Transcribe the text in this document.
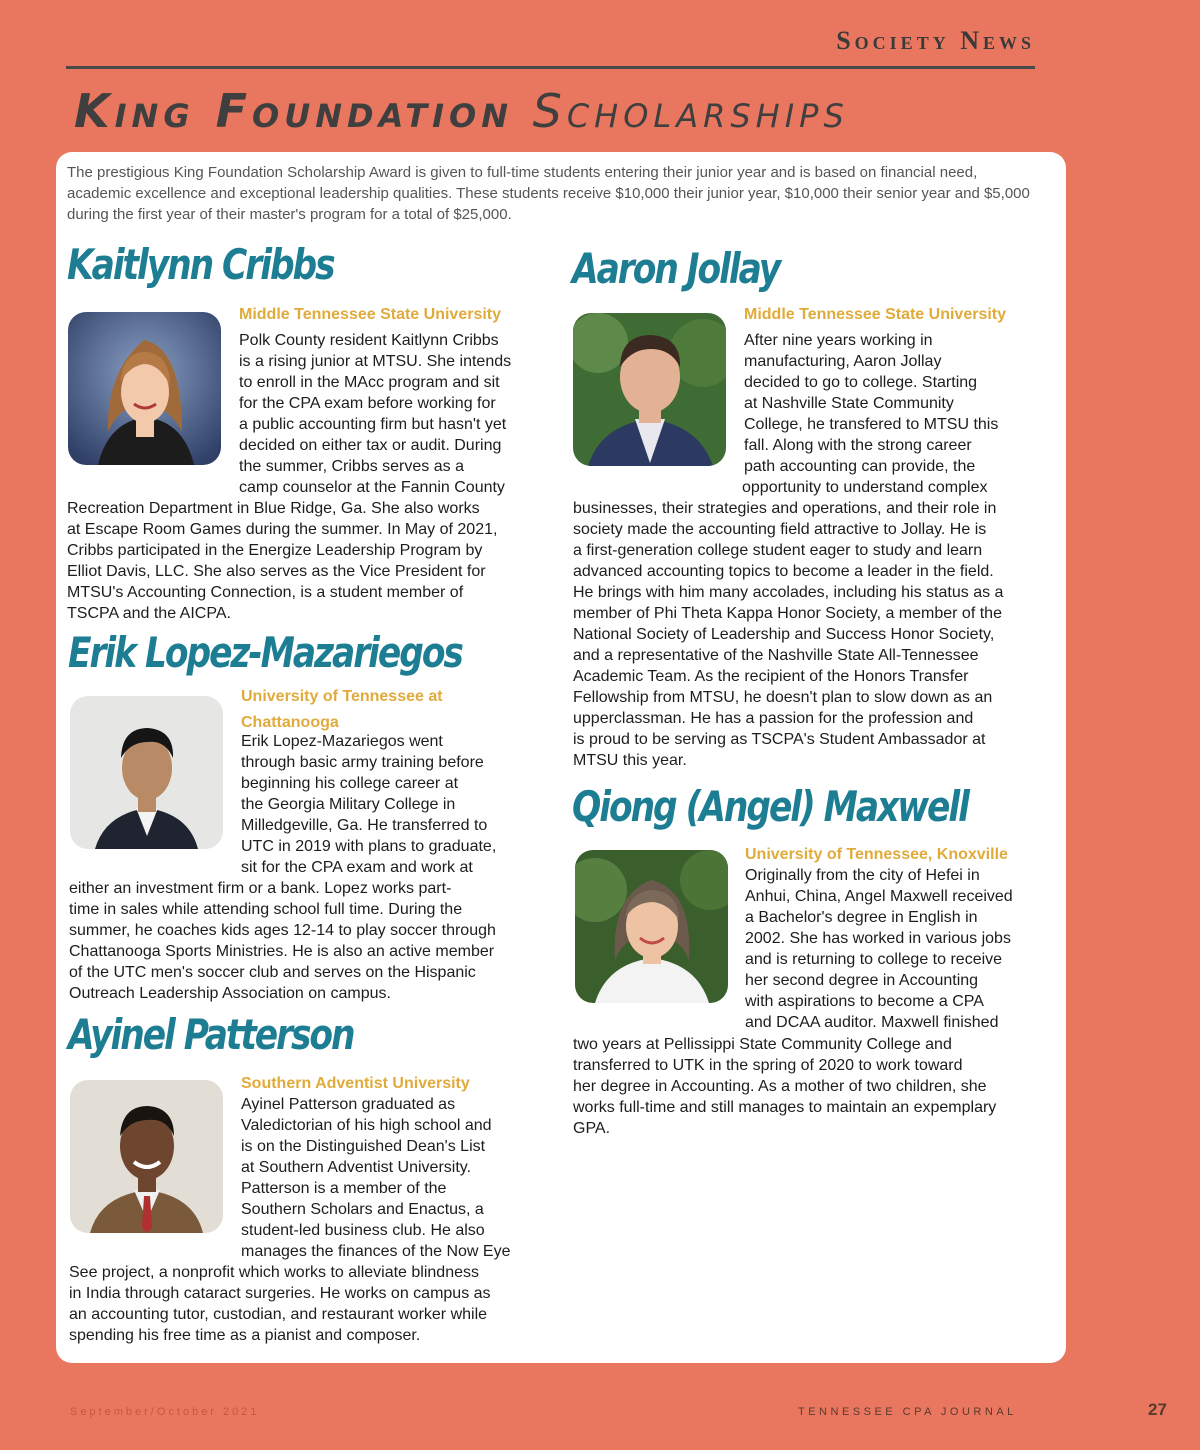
Society News
King Foundation Scholarships
The prestigious King Foundation Scholarship Award is given to full-time students entering their junior year and is based on financial need, academic excellence and exceptional leadership qualities. These students receive $10,000 their junior year, $10,000 their senior year and $5,000 during the first year of their master's program for a total of $25,000.
Kaitlynn Cribbs
Middle Tennessee State University
Polk County resident Kaitlynn Cribbs
is a rising junior at MTSU. She intends
to enroll in the MAcc program and sit
for the CPA exam before working for
a public accounting firm but hasn't yet
decided on either tax or audit. During
the summer, Cribbs serves as a
camp counselor at the Fannin County
Recreation Department in Blue Ridge, Ga. She also works
at Escape Room Games during the summer. In May of 2021,
Cribbs participated in the Energize Leadership Program by
Elliot Davis, LLC. She also serves as the Vice President for
MTSU's Accounting Connection, is a student member of
TSCPA and the AICPA.
Erik Lopez-Mazariegos
University of Tennessee at
Chattanooga
Erik Lopez-Mazariegos went
through basic army training before
beginning his college career at
the Georgia Military College in
Milledgeville, Ga. He transferred to
UTC in 2019 with plans to graduate,
sit for the CPA exam and work at
either an investment firm or a bank. Lopez works part-
time in sales while attending school full time. During the
summer, he coaches kids ages 12-14 to play soccer through
Chattanooga Sports Ministries. He is also an active member
of the UTC men's soccer club and serves on the Hispanic
Outreach Leadership Association on campus.
Ayinel Patterson
Southern Adventist University
Ayinel Patterson graduated as
Valedictorian of his high school and
is on the Distinguished Dean's List
at Southern Adventist University.
Patterson is a member of the
Southern Scholars and Enactus, a
student-led business club. He also
manages the finances of the Now Eye
See project, a nonprofit which works to alleviate blindness
in India through cataract surgeries. He works on campus as
an accounting tutor, custodian, and restaurant worker while
spending his free time as a pianist and composer.
Aaron Jollay
Middle Tennessee State University
After nine years working in
manufacturing, Aaron Jollay
decided to go to college. Starting
at Nashville State Community
College, he transfered to MTSU this
fall. Along with the strong career
path accounting can provide, the
opportunity to understand complex
businesses, their strategies and operations, and their role in
society made the accounting field attractive to Jollay. He is
a first-generation college student eager to study and learn
advanced accounting topics to become a leader in the field.
He brings with him many accolades, including his status as a
member of Phi Theta Kappa Honor Society, a member of the
National Society of Leadership and Success Honor Society,
and a representative of the Nashville State All-Tennessee
Academic Team. As the recipient of the Honors Transfer
Fellowship from MTSU, he doesn't plan to slow down as an
upperclassman. He has a passion for the profession and
is proud to be serving as TSCPA's Student Ambassador at
MTSU this year.
Qiong (Angel) Maxwell
University of Tennessee, Knoxville
Originally from the city of Hefei in
Anhui, China, Angel Maxwell received
a Bachelor's degree in English in
2002. She has worked in various jobs
and is returning to college to receive
her second degree in Accounting
with aspirations to become a CPA
and DCAA auditor. Maxwell finished
two years at Pellissippi State Community College and
transferred to UTK in the spring of 2020 to work toward
her degree in Accounting. As a mother of two children, she
works full-time and still manages to maintain an expemplary
GPA.
September/October 2021	TENNESSEE CPA JOURNAL	27
